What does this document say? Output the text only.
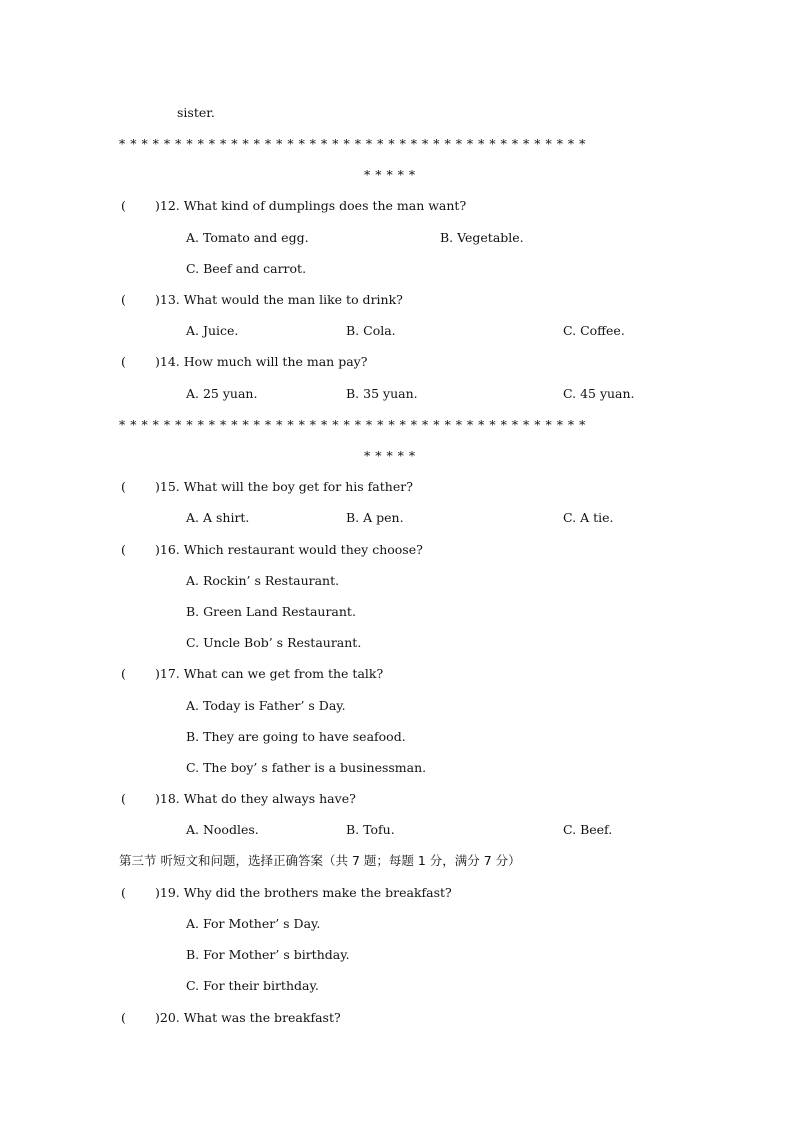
sister.
* * * * * * * * * * * * * * * * * * * * * * * * * * * * * * * * * * * * * * * * * *
* * * * *
( )12. What kind of dumplings does the man want?
A. Tomato and egg.	B. Vegetable.
C. Beef and carrot.
( )13. What would the man like to drink?
A. Juice.	B. Cola.	C. Coffee.
( )14. How much will the man pay?
A. 25 yuan.	B. 35 yuan.	C. 45 yuan.
* * * * * * * * * * * * * * * * * * * * * * * * * * * * * * * * * * * * * * * * * *
* * * * *
( )15. What will the boy get for his father?
A. A shirt.	B. A pen.	C. A tie.
( )16. Which restaurant would they choose?
A. Rockin’ s Restaurant.
B. Green Land Restaurant.
C. Uncle Bob’ s Restaurant.
( )17. What can we get from the talk?
A. Today is Father’ s Day.
B. They are going to have seafood.
C. The boy’ s father is a businessman.
( )18. What do they always have?
A. Noodles.	B. Tofu.	C. Beef.
第三节 听短文和问题，选择正确答案（共 7 题；每题 1 分，满分 7 分）
( )19. Why did the brothers make the breakfast?
A. For Mother’ s Day.
B. For Mother’ s birthday.
C. For their birthday.
( )20. What was the breakfast?
